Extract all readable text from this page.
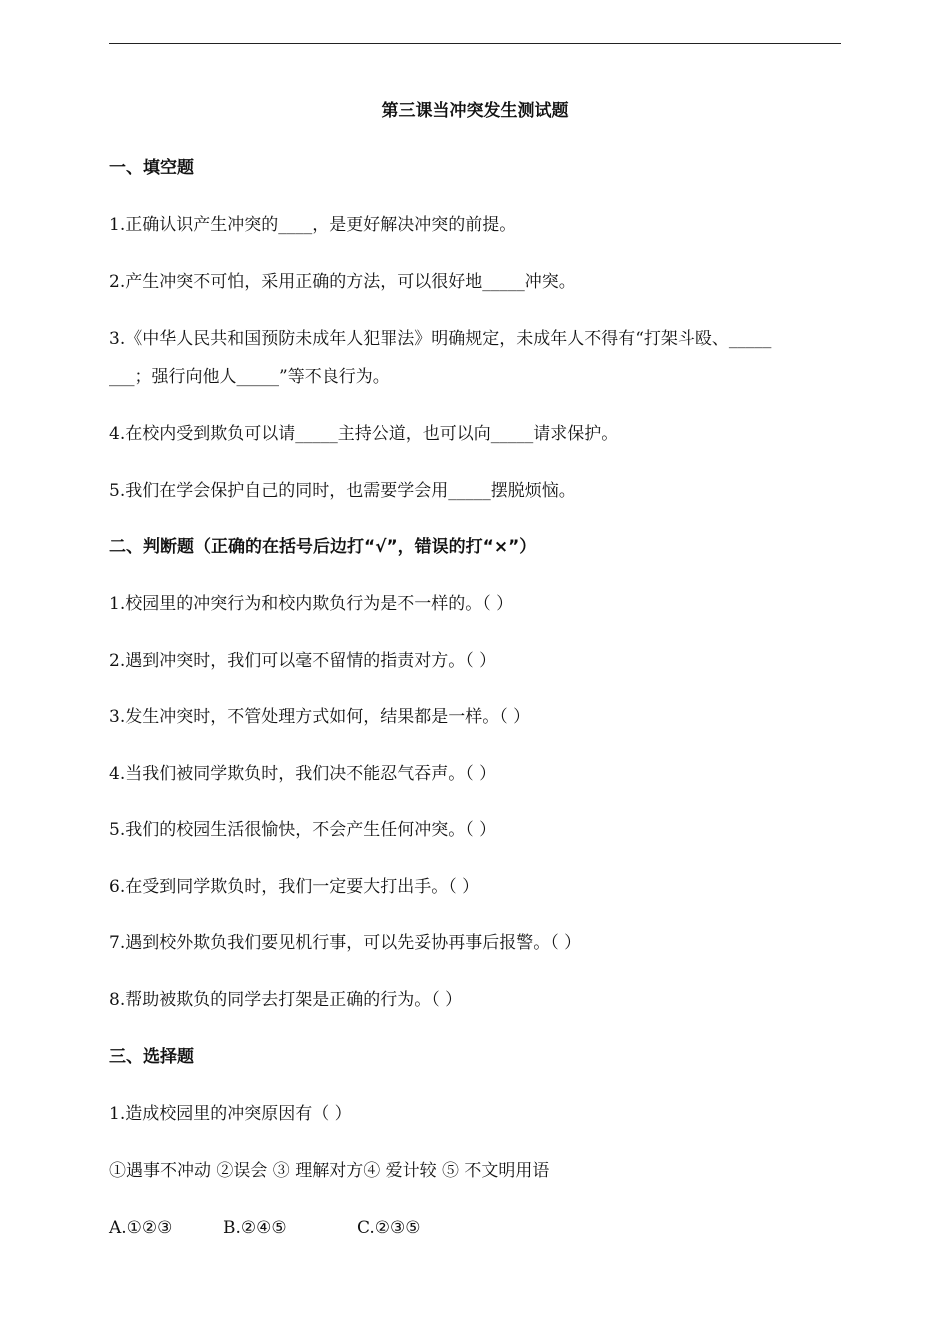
第三课当冲突发生测试题
一、填空题
1.正确认识产生冲突的____，是更好解决冲突的前提。
2.产生冲突不可怕，采用正确的方法，可以很好地_____冲突。
3.《中华人民共和国预防未成年人犯罪法》明确规定，未成年人不得有“打架斗殴、_____
___；强行向他人_____”等不良行为。
4.在校内受到欺负可以请_____主持公道，也可以向_____请求保护。
5.我们在学会保护自己的同时，也需要学会用_____摆脱烦恼。
二、判断题（正确的在括号后边打“√”，错误的打“×”）
1.校园里的冲突行为和校内欺负行为是不一样的。（ ）
2.遇到冲突时，我们可以毫不留情的指责对方。（ ）
3.发生冲突时，不管处理方式如何，结果都是一样。（ ）
4.当我们被同学欺负时，我们决不能忍气吞声。（ ）
5.我们的校园生活很愉快，不会产生任何冲突。（ ）
6.在受到同学欺负时，我们一定要大打出手。（ ）
7.遇到校外欺负我们要见机行事，可以先妥协再事后报警。（ ）
8.帮助被欺负的同学去打架是正确的行为。（ ）
三、选择题
1.造成校园里的冲突原因有（ ）
①遇事不冲动 ②误会 ③ 理解对方④ 爱计较 ⑤ 不文明用语
A.①②③	B.②④⑤	C.②③⑤
